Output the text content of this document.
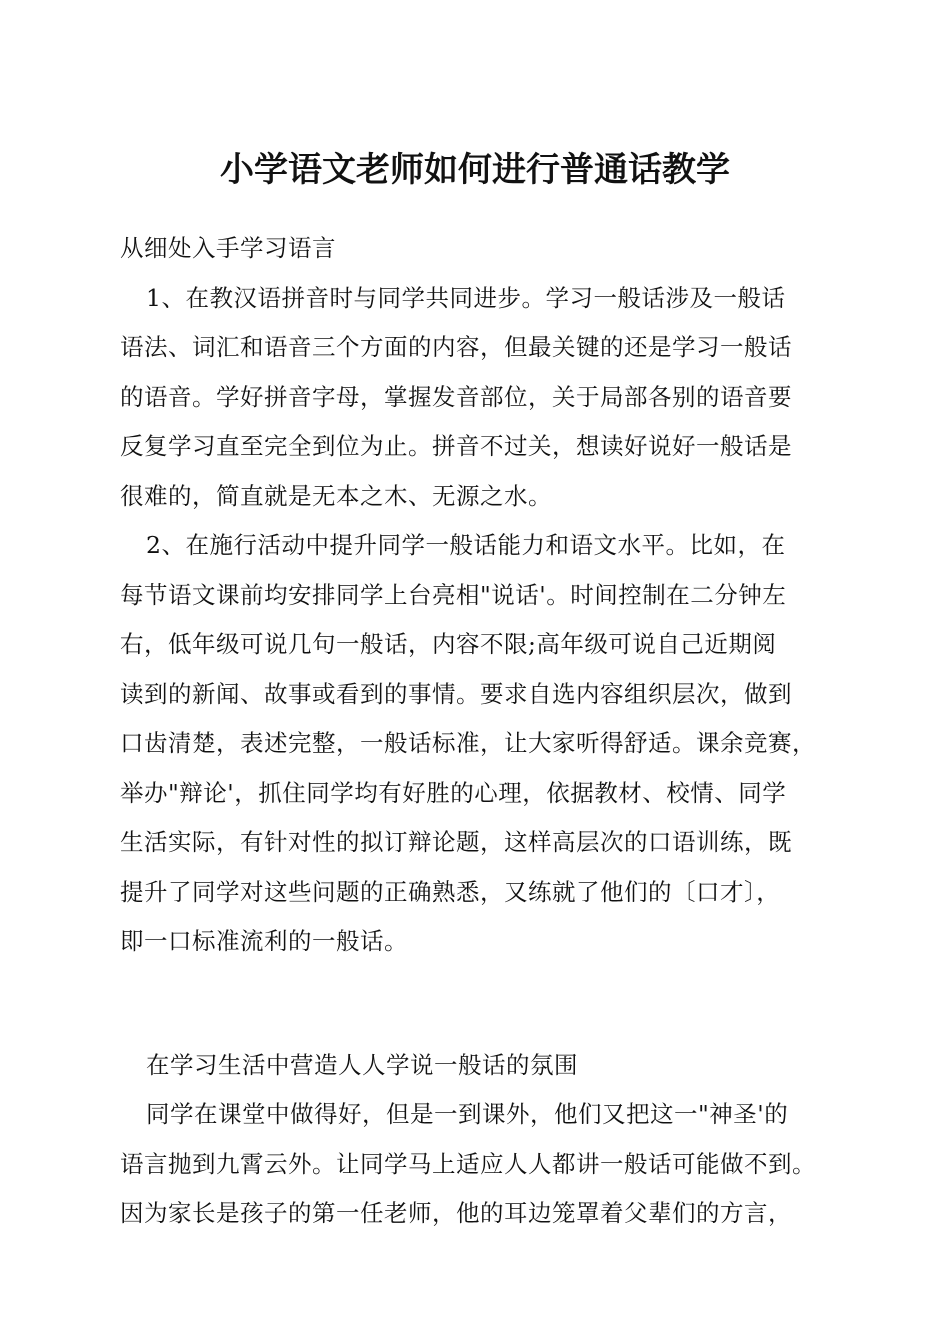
小学语文老师如何进行普通话教学

从细处入手学习语言

1、在教汉语拼音时与同学共同进步。学习一般话涉及一般话

语法、词汇和语音三个方面的内容，但最关键的还是学习一般话

的语音。学好拼音字母，掌握发音部位，关于局部各别的语音要

反复学习直至完全到位为止。拼音不过关，想读好说好一般话是

很难的，简直就是无本之木、无源之水。

2、在施行活动中提升同学一般话能力和语文水平。比如，在

每节语文课前均安排同学上台亮相"说话'。时间控制在二分钟左

右，低年级可说几句一般话，内容不限;高年级可说自己近期阅

读到的新闻、故事或看到的事情。要求自选内容组织层次，做到

口齿清楚，表述完整，一般话标准，让大家听得舒适。课余竞赛，

举办"辩论'，抓住同学均有好胜的心理，依据教材、校情、同学

生活实际，有针对性的拟订辩论题，这样高层次的口语训练，既

提升了同学对这些问题的正确熟悉，又练就了他们的〔口才〕，

即一口标准流利的一般话。

在学习生活中营造人人学说一般话的氛围

同学在课堂中做得好，但是一到课外，他们又把这一"神圣'的

语言抛到九霄云外。让同学马上适应人人都讲一般话可能做不到。

因为家长是孩子的第一任老师，他的耳边笼罩着父辈们的方言，
